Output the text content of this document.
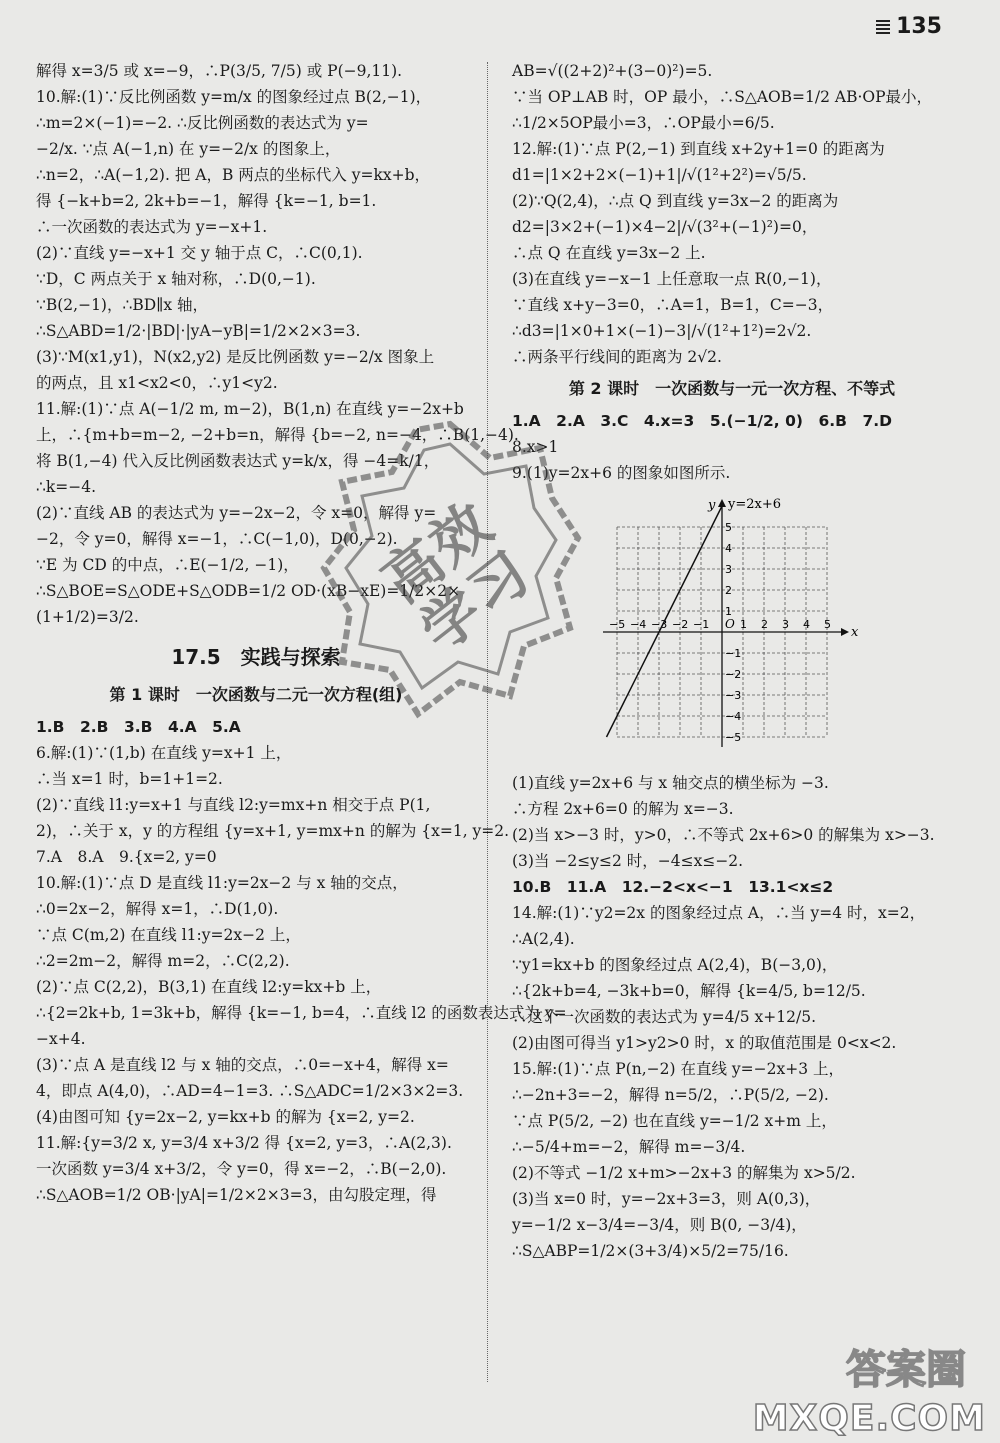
135
解得 x=3/5 或 x=−9，∴P(3/5, 7/5) 或 P(−9,11).
10.解:(1)∵反比例函数 y=m/x 的图象经过点 B(2,−1)，
∴m=2×(−1)=−2. ∴反比例函数的表达式为 y=
−2/x. ∵点 A(−1,n) 在 y=−2/x 的图象上，
∴n=2，∴A(−1,2). 把 A，B 两点的坐标代入 y=kx+b，
得 {−k+b=2, 2k+b=−1，解得 {k=−1, b=1.
∴一次函数的表达式为 y=−x+1.
(2)∵直线 y=−x+1 交 y 轴于点 C，∴C(0,1).
∵D，C 两点关于 x 轴对称，∴D(0,−1).
∵B(2,−1)，∴BD∥x 轴，
∴S△ABD=1/2·|BD|·|yA−yB|=1/2×2×3=3.
(3)∵M(x1,y1)，N(x2,y2) 是反比例函数 y=−2/x 图象上
的两点，且 x1<x2<0，∴y1<y2.
11.解:(1)∵点 A(−1/2 m, m−2)，B(1,n) 在直线 y=−2x+b
上，∴{m+b=m−2, −2+b=n，解得 {b=−2, n=−4，∴B(1,−4).
将 B(1,−4) 代入反比例函数表达式 y=k/x，得 −4=k/1，
∴k=−4.
(2)∵直线 AB 的表达式为 y=−2x−2，令 x=0，解得 y=
−2，令 y=0，解得 x=−1，∴C(−1,0)，D(0,−2).
∵E 为 CD 的中点，∴E(−1/2, −1)，
∴S△BOE=S△ODE+S△ODB=1/2 OD·(xB−xE)=1/2×2×
(1+1/2)=3/2.
17.5　实践与探索
第 1 课时　一次函数与二元一次方程(组)
1.B　2.B　3.B　4.A　5.A
6.解:(1)∵(1,b) 在直线 y=x+1 上，
∴当 x=1 时，b=1+1=2.
(2)∵直线 l1:y=x+1 与直线 l2:y=mx+n 相交于点 P(1,
2)，∴关于 x，y 的方程组 {y=x+1, y=mx+n 的解为 {x=1, y=2.
7.A　8.A　9.{x=2, y=0
10.解:(1)∵点 D 是直线 l1:y=2x−2 与 x 轴的交点，
∴0=2x−2，解得 x=1，∴D(1,0).
∵点 C(m,2) 在直线 l1:y=2x−2 上，
∴2=2m−2，解得 m=2，∴C(2,2).
(2)∵点 C(2,2)，B(3,1) 在直线 l2:y=kx+b 上，
∴{2=2k+b, 1=3k+b，解得 {k=−1, b=4，∴直线 l2 的函数表达式为 y=
−x+4.
(3)∵点 A 是直线 l2 与 x 轴的交点，∴0=−x+4，解得 x=
4，即点 A(4,0)，∴AD=4−1=3. ∴S△ADC=1/2×3×2=3.
(4)由图可知 {y=2x−2, y=kx+b 的解为 {x=2, y=2.
11.解:{y=3/2 x, y=3/4 x+3/2 得 {x=2, y=3，∴A(2,3).
一次函数 y=3/4 x+3/2，令 y=0，得 x=−2，∴B(−2,0).
∴S△AOB=1/2 OB·|yA|=1/2×2×3=3，由勾股定理，得
AB=√((2+2)²+(3−0)²)=5.
∵当 OP⊥AB 时，OP 最小，∴S△AOB=1/2 AB·OP最小，
∴1/2×5OP最小=3，∴OP最小=6/5.
12.解:(1)∵点 P(2,−1) 到直线 x+2y+1=0 的距离为
d1=|1×2+2×(−1)+1|/√(1²+2²)=√5/5.
(2)∵Q(2,4)，∴点 Q 到直线 y=3x−2 的距离为
d2=|3×2+(−1)×4−2|/√(3²+(−1)²)=0，
∴点 Q 在直线 y=3x−2 上.
(3)在直线 y=−x−1 上任意取一点 R(0,−1)，
∵直线 x+y−3=0，∴A=1，B=1，C=−3，
∴d3=|1×0+1×(−1)−3|/√(1²+1²)=2√2.
∴两条平行线间的距离为 2√2.
第 2 课时　一次函数与一元一次方程、不等式
1.A　2.A　3.C　4.x=3　5.(−1/2, 0)　6.B　7.D
8.x>1
9.(1)y=2x+6 的图象如图所示.
x
y
O
−5 −4 −3 −2 −1	1 2 3 4 5
5
4
3
2
1
−1
−2
−3
−4
−5
y=2x+6
(1)直线 y=2x+6 与 x 轴交点的横坐标为 −3.
∴方程 2x+6=0 的解为 x=−3.
(2)当 x>−3 时，y>0，∴不等式 2x+6>0 的解集为 x>−3.
(3)当 −2≤y≤2 时，−4≤x≤−2.
10.B　11.A　12.−2<x<−1　13.1<x≤2
14.解:(1)∵y2=2x 的图象经过点 A，∴当 y=4 时，x=2，
∴A(2,4).
∵y1=kx+b 的图象经过点 A(2,4)，B(−3,0)，
∴{2k+b=4, −3k+b=0，解得 {k=4/5, b=12/5.
∴这个一次函数的表达式为 y=4/5 x+12/5.
(2)由图可得当 y1>y2>0 时，x 的取值范围是 0<x<2.
15.解:(1)∵点 P(n,−2) 在直线 y=−2x+3 上，
∴−2n+3=−2，解得 n=5/2，∴P(5/2, −2).
∵点 P(5/2, −2) 也在直线 y=−1/2 x+m 上，
∴−5/4+m=−2，解得 m=−3/4.
(2)不等式 −1/2 x+m>−2x+3 的解集为 x>5/2.
(3)当 x=0 时，y=−2x+3=3，则 A(0,3)，
y=−1/2 x−3/4=−3/4，则 B(0, −3/4)，
∴S△ABP=1/2×(3+3/4)×5/2=75/16.
高
效
学
习
答案圈
MXQE.COM
